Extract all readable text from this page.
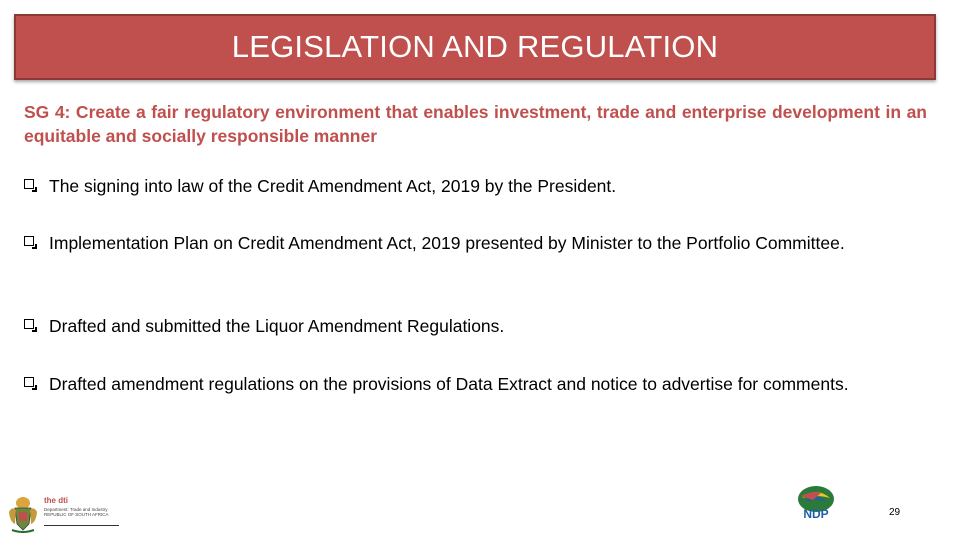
LEGISLATION AND REGULATION

SG 4: Create a fair regulatory environment that enables investment, trade and enterprise development in an equitable and socially responsible manner

The signing into law of the Credit Amendment Act, 2019 by the President.
Implementation Plan on Credit Amendment Act, 2019 presented by Minister to the Portfolio Committee.
Drafted and submitted the Liquor Amendment Regulations.
Drafted amendment regulations on the provisions of Data Extract and notice to advertise for comments.
the dti
Department: Trade and Industry REPUBLIC OF SOUTH AFRICA	NDP	29
